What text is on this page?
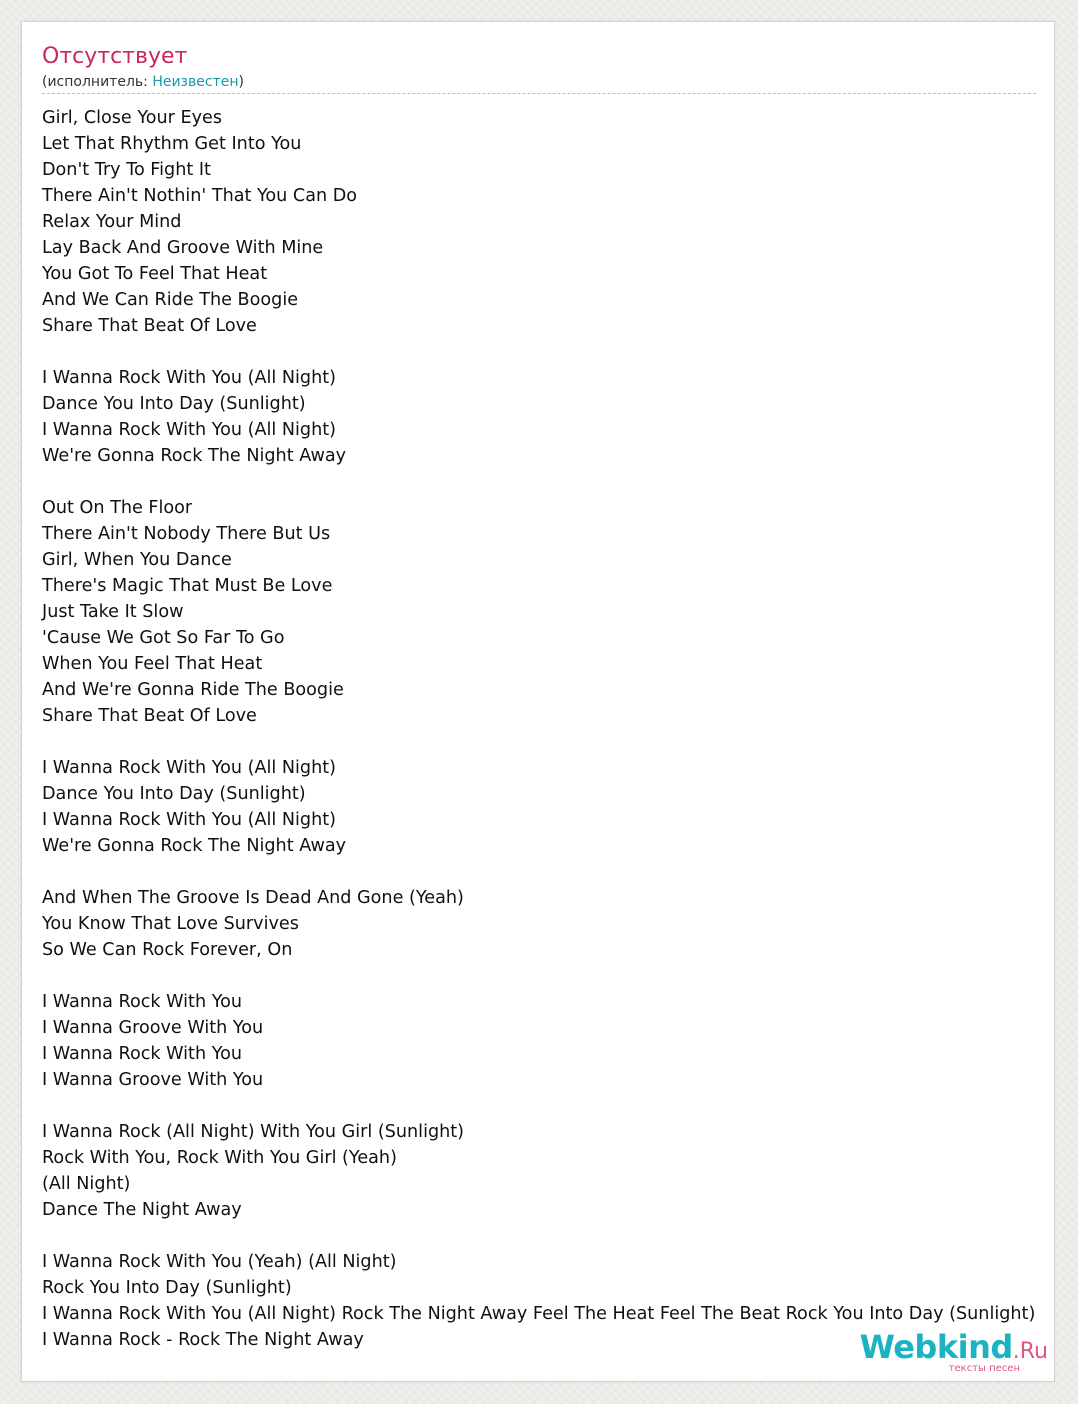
Отсутствует
(исполнитель: Неизвестен)
Girl, Close Your Eyes
Let That Rhythm Get Into You
Don't Try To Fight It
There Ain't Nothin' That You Can Do
Relax Your Mind
Lay Back And Groove With Mine
You Got To Feel That Heat
And We Can Ride The Boogie
Share That Beat Of Love
I Wanna Rock With You (All Night)
Dance You Into Day (Sunlight)
I Wanna Rock With You (All Night)
We're Gonna Rock The Night Away
Out On The Floor
There Ain't Nobody There But Us
Girl, When You Dance
There's Magic That Must Be Love
Just Take It Slow
'Cause We Got So Far To Go
When You Feel That Heat
And We're Gonna Ride The Boogie
Share That Beat Of Love
I Wanna Rock With You (All Night)
Dance You Into Day (Sunlight)
I Wanna Rock With You (All Night)
We're Gonna Rock The Night Away
And When The Groove Is Dead And Gone (Yeah)
You Know That Love Survives
So We Can Rock Forever, On
I Wanna Rock With You
I Wanna Groove With You
I Wanna Rock With You
I Wanna Groove With You
I Wanna Rock (All Night) With You Girl (Sunlight)
Rock With You, Rock With You Girl (Yeah)
(All Night)
Dance The Night Away
I Wanna Rock With You (Yeah) (All Night)
Rock You Into Day (Sunlight)
I Wanna Rock With You (All Night) Rock The Night Away Feel The Heat Feel The Beat Rock You Into Day (Sunlight)
I Wanna Rock - Rock The Night Away	Webkind.Ru
тексты песен
